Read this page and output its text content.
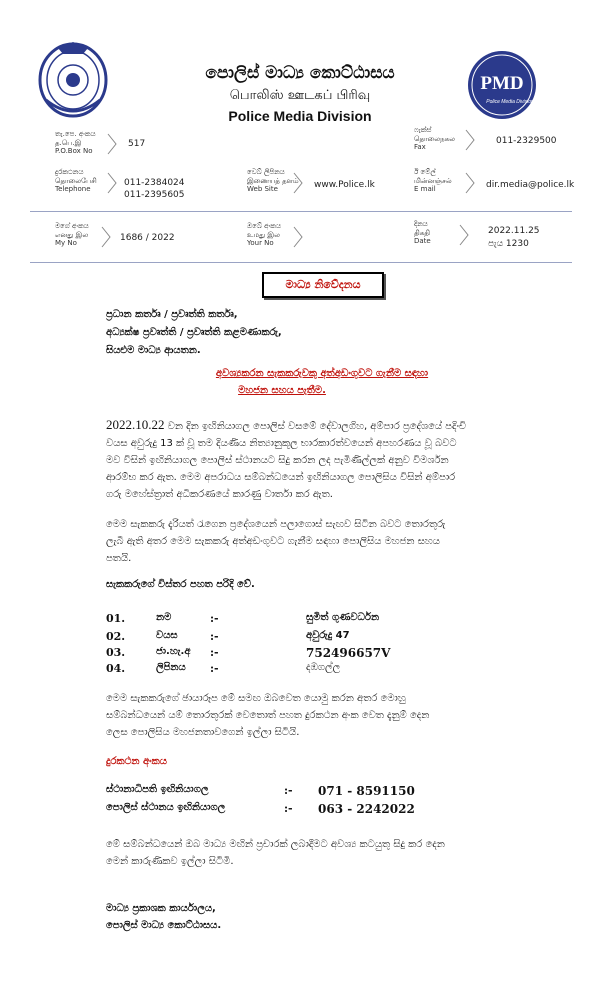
PMD
Police Media Division
පොලිස් මාධ්‍ය කොට්ඨාසය
பொலிஸ் ஊடகப் பிரிவு
Police Media Division
තැ.පෙ. අංකය
த.பெ.இ
P.O.Box No
517
ෆැක්ස්
தொலைநகல
Fax
011-2329500
දුරකථනය
தொலைபேசி
Telephone
011-2384024
011-2395605
වෙබ් ලිපිනය
இணையத் தளம்
Web Site	www.Police.lk
ඊ මේල්
மின்னஞ்சல்
E mail	dir.media@police.lk
මගේ අංකය
எனது இல
My No	1686 / 2022
ඔබේ අංකය
உமது இல
Your No
දිනය
திகதி
Date
2022.11.25
පැය 1230
මාධ්‍ය නිවේදනය
ප්‍රධාන කර්තෘ / ප්‍රවෘත්ති කර්තෘ,
අධ්‍යක්ෂ ප්‍රවෘත්ති / ප්‍රවෘත්ති කළමණාකරු,
සියළුම මාධ්‍ය ආයතන.
අවශ්‍යකරන සැකකරුවකු අත්අඩංගුවට ගැනීම සඳහා
මහජන සහය පැතීම.
2022.10.22 වන දින ඉඟිනියාගල පොලිස් වසමේ දේවාලගිහ, අම්පාර ප්‍රදේශයේ පදිංචි
වයස අවුරුදු 13 ක් වූ තම දියණිය නිත්‍යානුකූල භාරකාරත්වයෙන් අපහරණය වූ බවට
මව විසින් ඉඟිනියාගල පොලිස් ස්ථානයට සිදු කරන ලද පැමිණිල්ලක් අනුව විමර්ශන
ආරම්භ කර ඇත. මෙම අපරාධය සම්බන්ධයෙන් ඉඟිනියාගල පොලිසිය විසින් අම්පාර
ගරු මහේස්ත්‍රාත් අධිකරණයේ කාරණු වාර්තා කර ඇත.
මෙම සැකකරු දැරියත් රැගෙන ප්‍රදේශයෙන් පලාගොස් සැඟව සිටින බවට තොරතුරු
ලැබී ඇති අතර මෙම සැකකරු අත්අඩංගුවට ගැනීම සඳහා පොලිසිය මහජන සහය
පතයි.
සැකකරුගේ විස්තර පහත පරිදි වේ.
01.	නම	:-	සුමිත් ගුණවර්ධන
02.	වයස	:-	අවුරුදු 47
03.	ජා.හැ.අ :-	752496657V
04.	ලිපිනය :-	දඹගල්ල
මෙම සැකකරුගේ ඡායාරූප මේ සමඟ ඔබවෙත යොමු කරන අතර මොහු
සම්බන්ධයෙන් යම් තොරතුරක් වෙතොත් පහත දුරකථන අංක වෙත දැනුම් දෙන
ලෙස පොලිසිය මහජනතාවගෙන් ඉල්ලා සිටියි.
දුරකථන අංකය
ස්ථානාධිපති ඉඟිනියාගල	:- 071 - 8591150
පොලිස් ස්ථානය ඉඟිනියාගල	:- 063 - 2242022
මේ සම්බන්ධයෙන් ඔබ මාධ්‍ය මඟින් ප්‍රචාරක් ලබාදීමට අවශ්‍ය කටයුතු සිදු කර දෙන
මෙන් කාරුණිකව ඉල්ලා සිටිමි.
මාධ්‍ය ප්‍රකාශක කාර්යාලය,
පොලිස් මාධ්‍ය කොට්ඨාසය.
